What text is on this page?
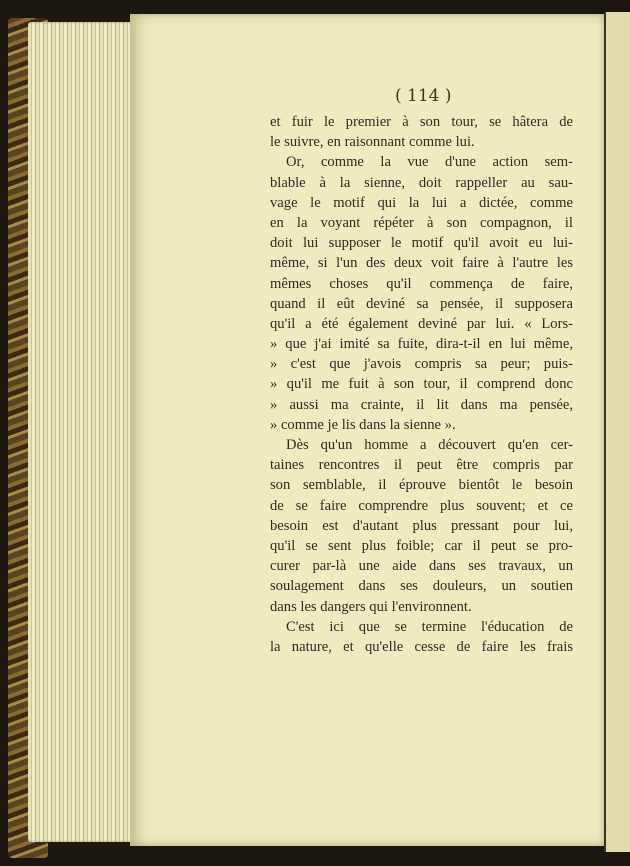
( 114 )
et fuir le premier à son tour, se hâtera de
le suivre, en raisonnant comme lui.
Or, comme la vue d'une action sem-
blable à la sienne, doit rappeller au sau-
vage le motif qui la lui a dictée, comme
en la voyant répéter à son compagnon, il
doit lui supposer le motif qu'il avoit eu lui-
même, si l'un des deux voit faire à l'autre les
mêmes choses qu'il commença de faire,
quand il eût deviné sa pensée, il supposera
qu'il a été également deviné par lui. « Lors-
» que j'ai imité sa fuite, dira-t-il en lui même,
» c'est que j'avois compris sa peur; puis-
» qu'il me fuit à son tour, il comprend donc
» aussi ma crainte, il lit dans ma pensée,
» comme je lis dans la sienne ».
Dès qu'un homme a découvert qu'en cer-
taines rencontres il peut être compris par
son semblable, il éprouve bientôt le besoin
de se faire comprendre plus souvent; et ce
besoin est d'autant plus pressant pour lui,
qu'il se sent plus foible; car il peut se pro-
curer par-là une aide dans ses travaux, un
soulagement dans ses douleurs, un soutien
dans les dangers qui l'environnent.
C'est ici que se termine l'éducation de
la nature, et qu'elle cesse de faire les frais
